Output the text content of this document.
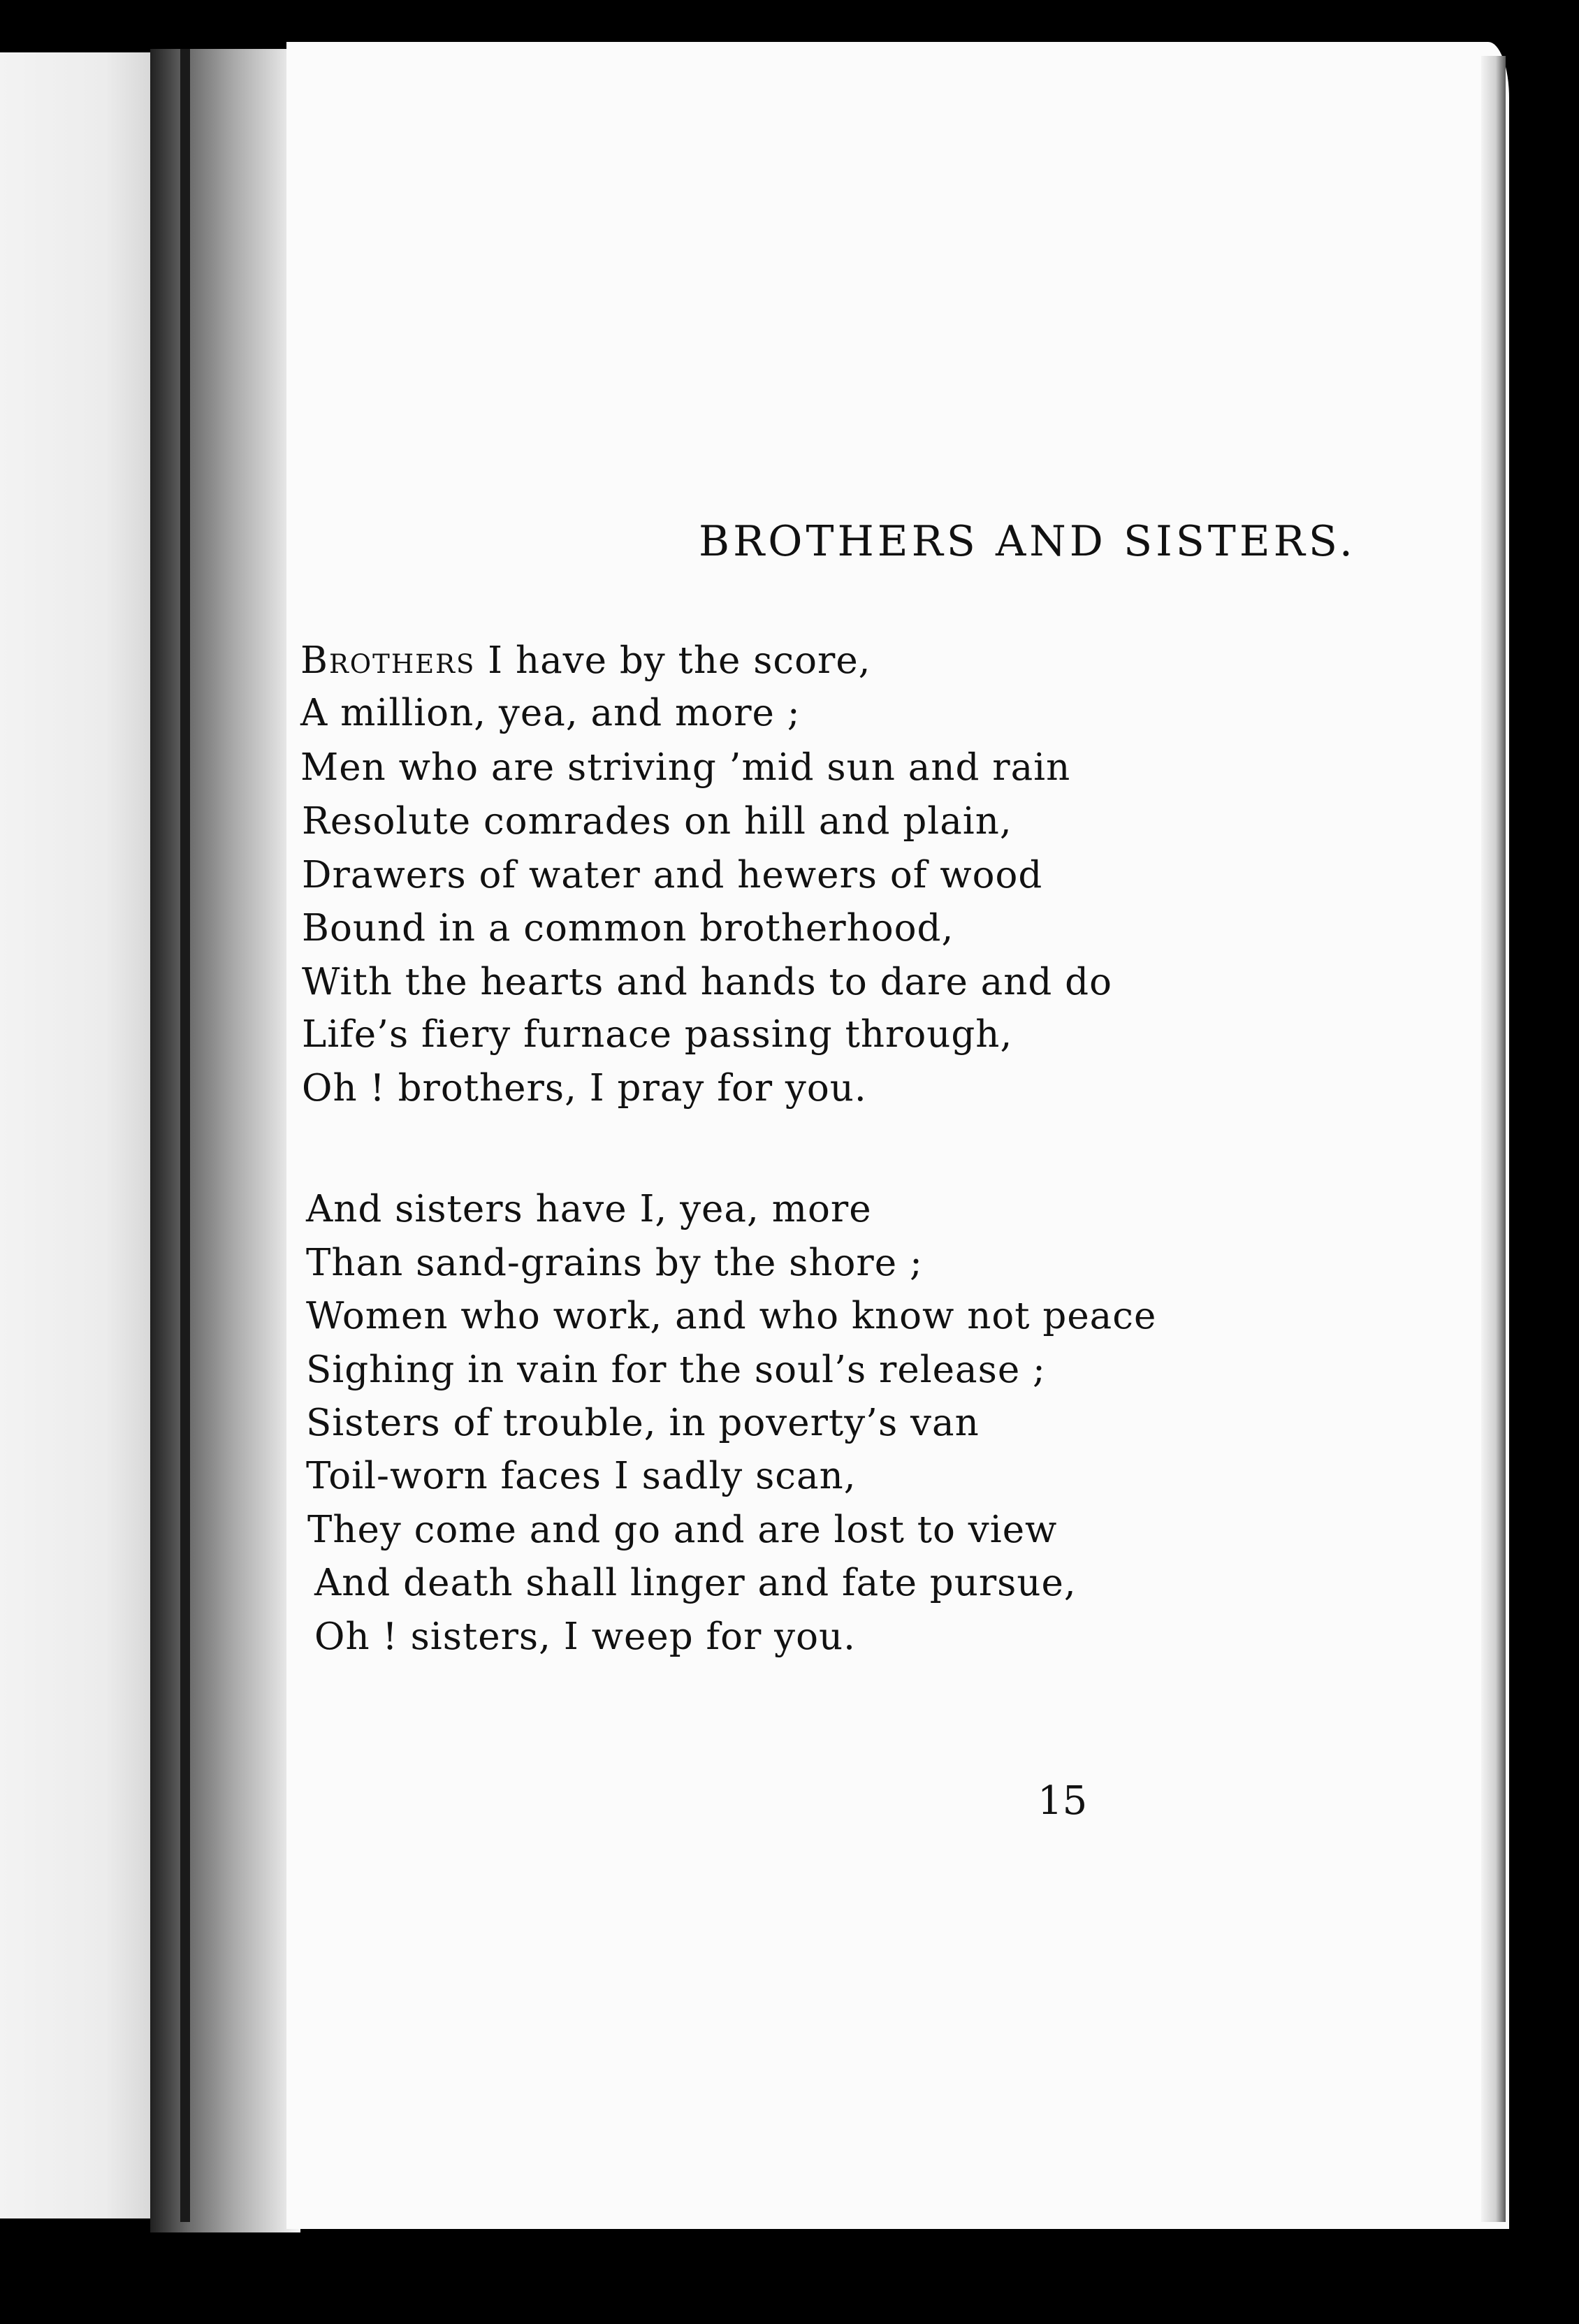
BROTHERS AND SISTERS.
Brothers I have by the score,
A million, yea, and more ;
Men who are striving ’mid sun and rain
Resolute comrades on hill and plain,
Drawers of water and hewers of wood
Bound in a common brotherhood,
With the hearts and hands to dare and do
Life’s fiery furnace passing through,
Oh ! brothers, I pray for you.
And sisters have I, yea, more
Than sand-grains by the shore ;
Women who work, and who know not peace
Sighing in vain for the soul’s release ;
Sisters of trouble, in poverty’s van
Toil-worn faces I sadly scan,
They come and go and are lost to view
And death shall linger and fate pursue,
Oh ! sisters, I weep for you.
15
